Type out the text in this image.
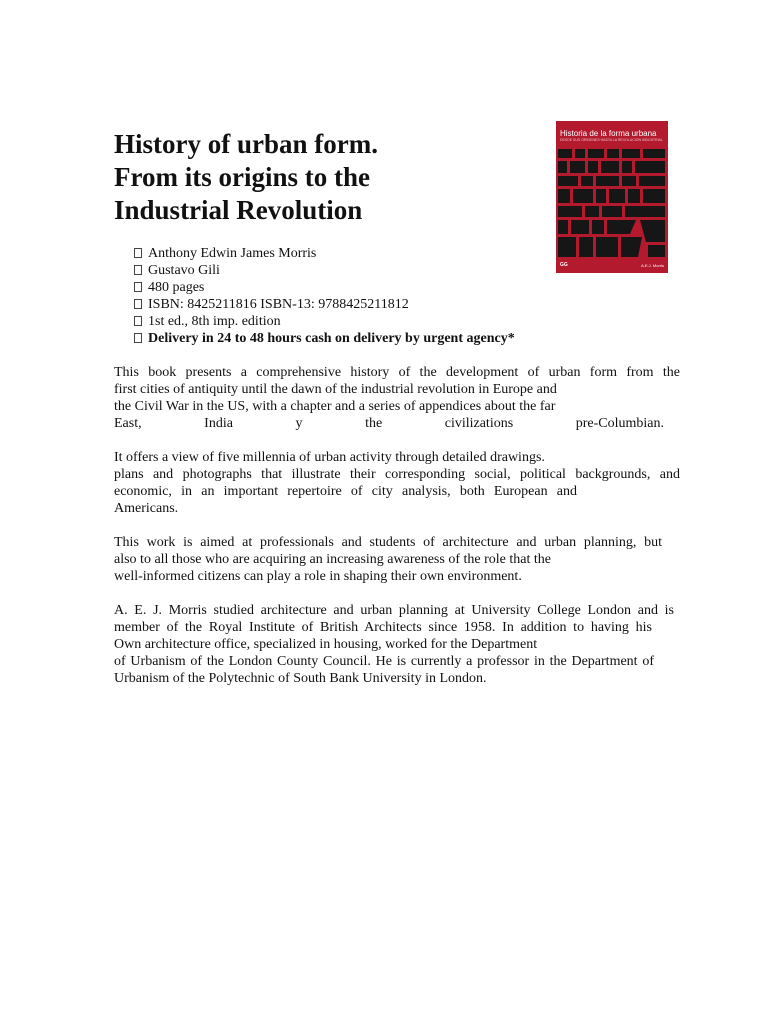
History of urban form.
From its origins to the
Industrial Revolution
Historia de la forma urbana
DESDE SUS ORÍGENES HASTA LA REVOLUCIÓN INDUSTRIAL
GG	A.E.J. Morris
Anthony Edwin James Morris
Gustavo Gili
480 pages
ISBN: 8425211816 ISBN-13: 9788425211812
1st ed., 8th imp. edition
Delivery in 24 to 48 hours cash on delivery by urgent agency*

This book presents a comprehensive history of the development of urban form from the
first cities of antiquity until the dawn of the industrial revolution in Europe and
the Civil War in the US, with a chapter and a series of appendices about the far
East, India y the civilizations pre-Columbian.

It offers a view of five millennia of urban activity through detailed drawings.
plans and photographs that illustrate their corresponding social, political backgrounds, and
economic, in an important repertoire of city analysis, both European and
Americans.

This work is aimed at professionals and students of architecture and urban planning, but
also to all those who are acquiring an increasing awareness of the role that the
well-informed citizens can play a role in shaping their own environment.

A. E. J. Morris studied architecture and urban planning at University College London and is
member of the Royal Institute of British Architects since 1958. In addition to having his
Own architecture office, specialized in housing, worked for the Department
of Urbanism of the London County Council. He is currently a professor in the Department of
Urbanism of the Polytechnic of South Bank University in London.
